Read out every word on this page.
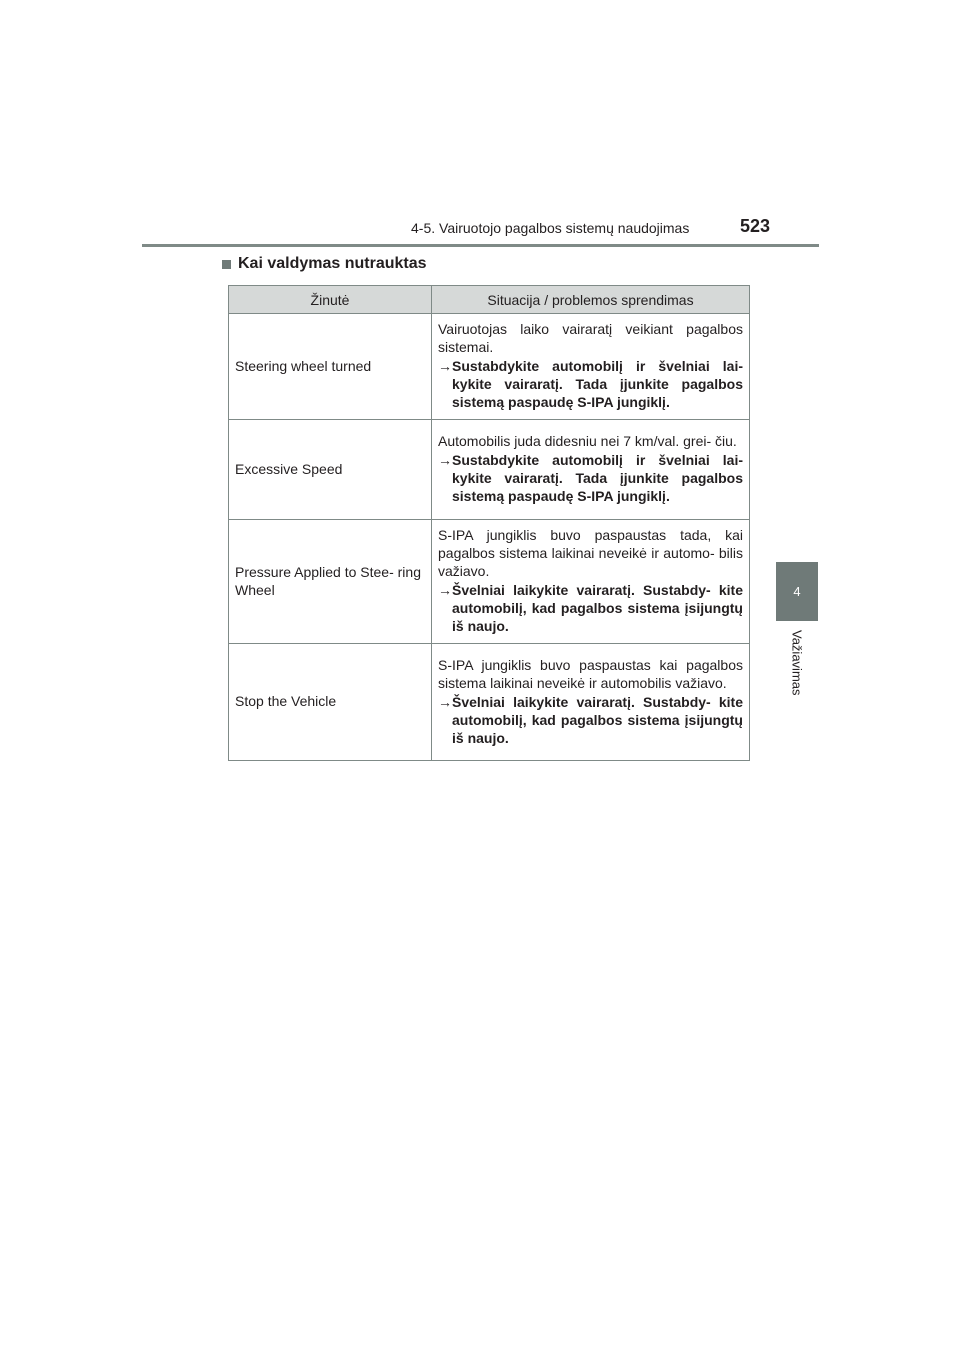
4-5. Vairuotojo pagalbos sistemų naudojimas	523
4
Važiavimas
Kai valdymas nutrauktas
Žinutė	Situacija / problemos sprendimas
Steering wheel turned	Vairuotojas laiko vairaratį veikiant pagalbos sistemai.
→ Sustabdykite automobilį ir švelniai lai- kykite vairaratį. Tada įjunkite pagalbos sistemą paspaudę S-IPA jungiklį.

Excessive Speed	Automobilis juda didesniu nei 7 km/val. grei- čiu.
→ Sustabdykite automobilį ir švelniai lai- kykite vairaratį. Tada įjunkite pagalbos sistemą paspaudę S-IPA jungiklį.

Pressure Applied to Stee- ring Wheel	S-IPA jungiklis buvo paspaustas tada, kai pagalbos sistema laikinai neveikė ir automo- bilis važiavo.
→ Švelniai laikykite vairaratį. Sustabdy- kite automobilį, kad pagalbos sistema įsijungtų iš naujo.

Stop the Vehicle	S-IPA jungiklis buvo paspaustas kai pagalbos sistema laikinai neveikė ir automobilis važiavo.
→ Švelniai laikykite vairaratį. Sustabdy- kite automobilį, kad pagalbos sistema įsijungtų iš naujo.
